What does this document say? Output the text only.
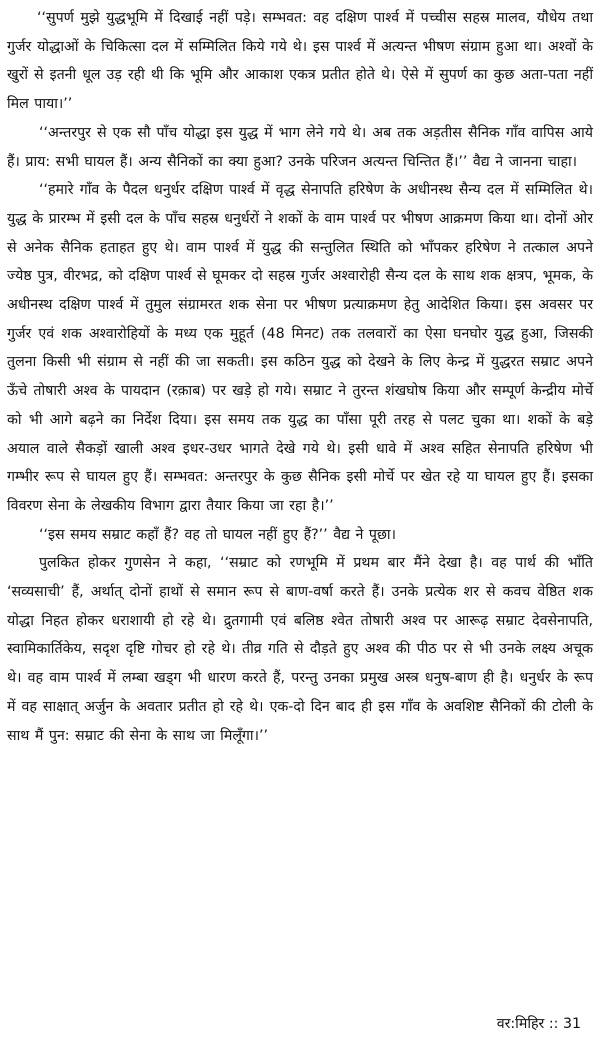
‘‘सुपर्ण मुझे युद्धभूमि में दिखाई नहीं पड़े। सम्भवत: वह दक्षिण पार्श्व में पच्चीस सहस्र मालव, यौधेय तथा गुर्जर योद्धाओं के चिकित्सा दल में सम्मिलित किये गये थे। इस पार्श्व में अत्यन्त भीषण संग्राम हुआ था। अश्वों के खुरों से इतनी धूल उड़ रही थी कि भूमि और आकाश एकत्र प्रतीत होते थे। ऐसे में सुपर्ण का कुछ अता-पता नहीं मिल पाया।’’

‘‘अन्तरपुर से एक सौ पाँच योद्धा इस युद्ध में भाग लेने गये थे। अब तक अड़तीस सैनिक गाँव वापिस आये हैं। प्राय: सभी घायल हैं। अन्य सैनिकों का क्या हुआ? उनके परिजन अत्यन्त चिन्तित हैं।’’ वैद्य ने जानना चाहा।

‘‘हमारे गाँव के पैदल धनुर्धर दक्षिण पार्श्व में वृद्ध सेनापति हरिषेण के अधीनस्थ सैन्य दल में सम्मिलित थे। युद्ध के प्रारम्भ में इसी दल के पाँच सहस्र धनुर्धरों ने शकों के वाम पार्श्व पर भीषण आक्रमण किया था। दोनों ओर से अनेक सैनिक हताहत हुए थे। वाम पार्श्व में युद्ध की सन्तुलित स्थिति को भाँपकर हरिषेण ने तत्काल अपने ज्येष्ठ पुत्र, वीरभद्र, को दक्षिण पार्श्व से घूमकर दो सहस्र गुर्जर अश्वारोही सैन्य दल के साथ शक क्षत्रप, भूमक, के अधीनस्थ दक्षिण पार्श्व में तुमुल संग्रामरत शक सेना पर भीषण प्रत्याक्रमण हेतु आदेशित किया। इस अवसर पर गुर्जर एवं शक अश्वारोहियों के मध्य एक मुहूर्त (48 मिनट) तक तलवारों का ऐसा घनघोर युद्ध हुआ, जिसकी तुलना किसी भी संग्राम से नहीं की जा सकती। इस कठिन युद्ध को देखने के लिए केन्द्र में युद्धरत सम्राट अपने ऊँचे तोषारी अश्व के पायदान (रक़ाब) पर खड़े हो गये। सम्राट ने तुरन्त शंखघोष किया और सम्पूर्ण केन्द्रीय मोर्चे को भी आगे बढ़ने का निर्देश दिया। इस समय तक युद्ध का पाँसा पूरी तरह से पलट चुका था। शकों के बड़े अयाल वाले सैकड़ों खाली अश्व इधर-उधर भागते देखे गये थे। इसी धावे में अश्व सहित सेनापति हरिषेण भी गम्भीर रूप से घायल हुए हैं। सम्भवत: अन्तरपुर के कुछ सैनिक इसी मोर्चे पर खेत रहे या घायल हुए हैं। इसका विवरण सेना के लेखकीय विभाग द्वारा तैयार किया जा रहा है।’’

‘‘इस समय सम्राट कहाँ हैं? वह तो घायल नहीं हुए हैं?’’ वैद्य ने पूछा।

पुलकित होकर गुणसेन ने कहा, ‘‘सम्राट को रणभूमि में प्रथम बार मैंने देखा है। वह पार्थ की भाँति ‘सव्यसाची’ हैं, अर्थात् दोनों हाथों से समान रूप से बाण-वर्षा करते हैं। उनके प्रत्येक शर से कवच वेष्ठित शक योद्धा निहत होकर धराशायी हो रहे थे। द्रुतगामी एवं बलिष्ठ श्वेत तोषारी अश्व पर आरूढ़ सम्राट देवसेनापति, स्वामिकार्तिकेय, सदृश दृष्टि गोचर हो रहे थे। तीव्र गति से दौड़ते हुए अश्व की पीठ पर से भी उनके लक्ष्य अचूक थे। वह वाम पार्श्व में लम्बा खड्ग भी धारण करते हैं, परन्तु उनका प्रमुख अस्त्र धनुष-बाण ही है। धनुर्धर के रूप में वह साक्षात् अर्जुन के अवतार प्रतीत हो रहे थे। एक-दो दिन बाद ही इस गाँव के अवशिष्ट सैनिकों की टोली के साथ मैं पुन: सम्राट की सेना के साथ जा मिलूँगा।’’

वर:मिहिर :: 31
